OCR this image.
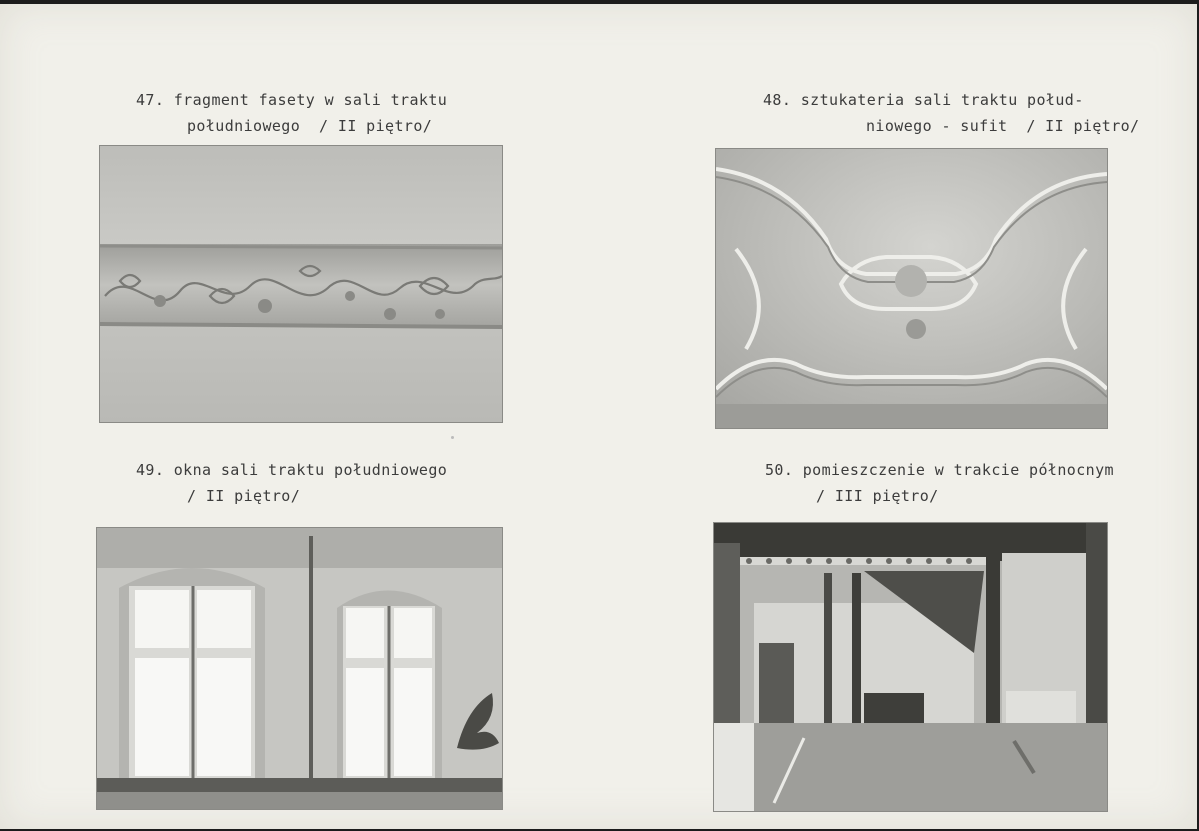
47. fragment fasety w sali traktu
południowego  / II piętro/
48. sztukateria sali traktu połud-
niowego - sufit  / II piętro/
49. okna sali traktu południowego
/ II piętro/
50. pomieszczenie w trakcie północnym
/ III piętro/
